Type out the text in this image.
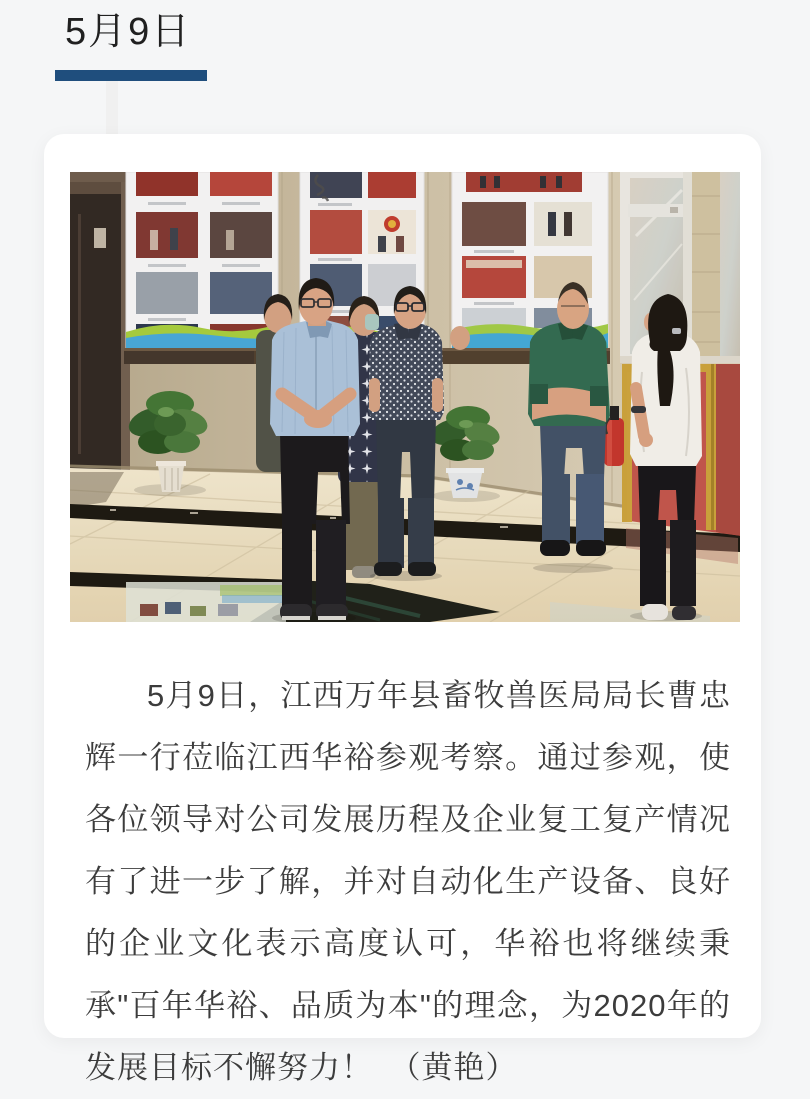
5月9日

5月9日，江西万年县畜牧兽医局局长曹忠辉一行莅临江西华裕参观考察。通过参观，使各位领导对公司发展历程及企业复工复产情况有了进一步了解，并对自动化生产设备、良好的企业文化表示高度认可，华裕也将继续秉承"百年华裕、品质为本"的理念，为2020年的发展目标不懈努力！　（黄艳）
